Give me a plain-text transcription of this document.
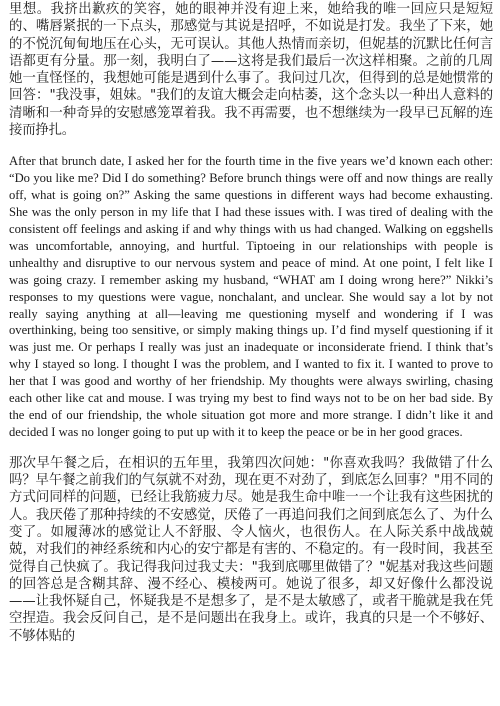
里想。我挤出歉疚的笑容，她的眼神并没有迎上来，她给我的唯一回应只是短短的、嘴唇紧抿的一下点头，那感觉与其说是招呼，不如说是打发。我坐了下来，她的不悦沉甸甸地压在心头，无可误认。其他人热情而亲切，但妮基的沉默比任何言语都更有分量。那一刻，我明白了——这将是我们最后一次这样相聚。之前的几周她一直怪怪的，我想她可能是遇到什么事了。我问过几次，但得到的总是她惯常的回答："我没事，姐妹。"我们的友谊大概会走向枯萎，这个念头以一种出人意料的清晰和一种奇异的安慰感笼罩着我。我不再需要，也不想继续为一段早已瓦解的连接而挣扎。

After that brunch date, I asked her for the fourth time in the five years we’d known each other: “Do you like me? Did I do something? Before brunch things were off and now things are really off, what is going on?” Asking the same questions in different ways had become exhausting. She was the only person in my life that I had these issues with. I was tired of dealing with the consistent off feelings and asking if and why things with us had changed. Walking on eggshells was uncomfortable, annoying, and hurtful. Tiptoeing in our relationships with people is unhealthy and disruptive to our nervous system and peace of mind. At one point, I felt like I was going crazy. I remember asking my husband, “WHAT am I doing wrong here?” Nikki’s responses to my questions were vague, nonchalant, and unclear. She would say a lot by not really saying anything at all—leaving me questioning myself and wondering if I was overthinking, being too sensitive, or simply making things up. I’d find myself questioning if it was just me. Or perhaps I really was just an inadequate or inconsiderate friend. I think that’s why I stayed so long. I thought I was the problem, and I wanted to fix it. I wanted to prove to her that I was good and worthy of her friendship. My thoughts were always swirling, chasing each other like cat and mouse. I was trying my best to find ways not to be on her bad side. By the end of our friendship, the whole situation got more and more strange. I didn’t like it and decided I was no longer going to put up with it to keep the peace or be in her good graces.

那次早午餐之后，在相识的五年里，我第四次问她："你喜欢我吗？我做错了什么吗？早午餐之前我们的气氛就不对劲，现在更不对劲了，到底怎么回事？"用不同的方式问同样的问题，已经让我筋疲力尽。她是我生命中唯一一个让我有这些困扰的人。我厌倦了那种持续的不安感觉，厌倦了一再追问我们之间到底怎么了、为什么变了。如履薄冰的感觉让人不舒服、令人恼火，也很伤人。在人际关系中战战兢兢，对我们的神经系统和内心的安宁都是有害的、不稳定的。有一段时间，我甚至觉得自己快疯了。我记得我问过我丈夫："我到底哪里做错了？"妮基对我这些问题的回答总是含糊其辞、漫不经心、模棱两可。她说了很多，却又好像什么都没说——让我怀疑自己，怀疑我是不是想多了，是不是太敏感了，或者干脆就是我在凭空捏造。我会反问自己，是不是问题出在我身上。或许，我真的只是一个不够好、不够体贴的
